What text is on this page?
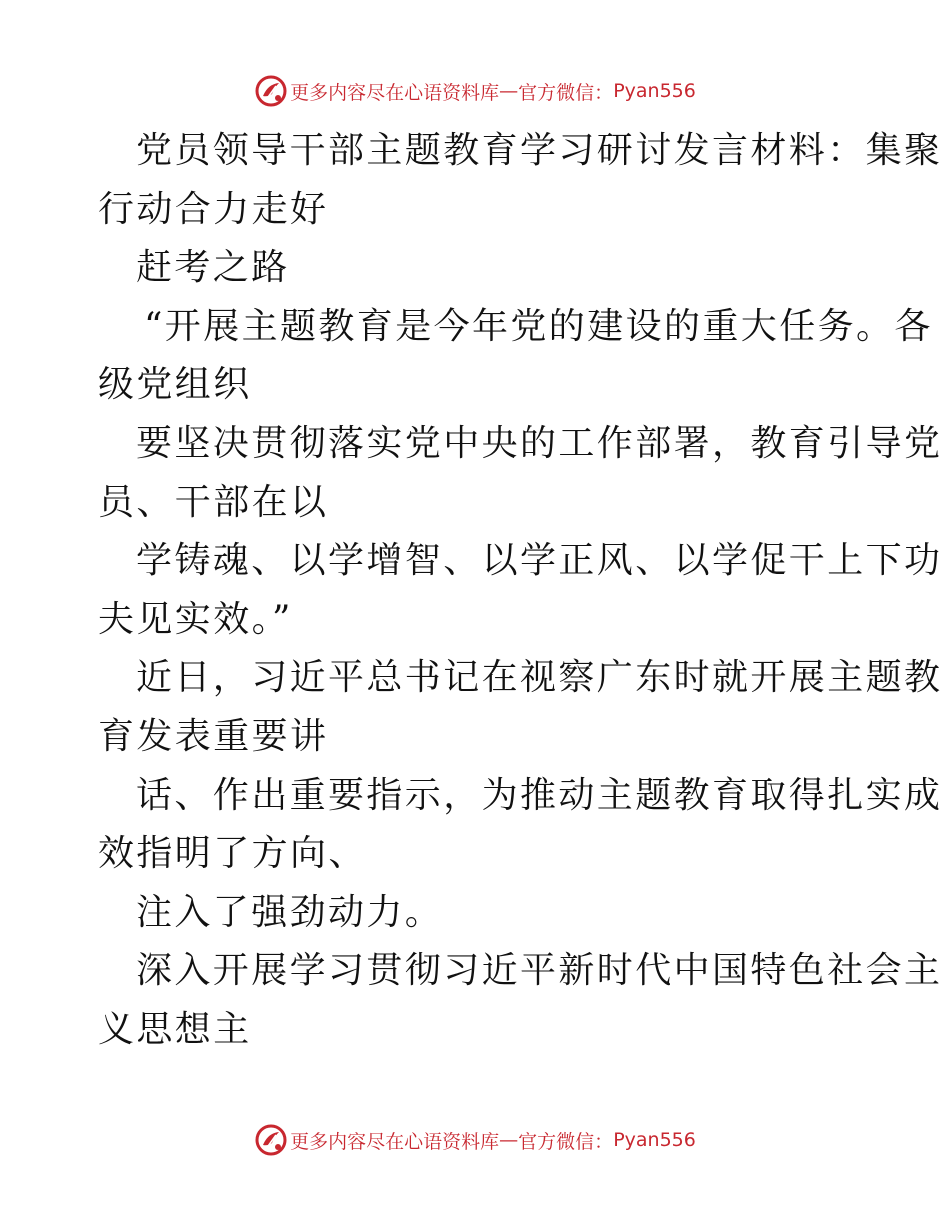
更多内容尽在心语资料库 — 官方微信： Pyan556
党员领导干部主题教育学习研讨发言材料：集聚
行动合力走好
赶考之路
“开展主题教育是今年党的建设的重大任务。各
级党组织
要坚决贯彻落实党中央的工作部署，教育引导党
员、干部在以
学铸魂、以学增智、以学正风、以学促干上下功
夫见实效。”
近日，习近平总书记在视察广东时就开展主题教
育发表重要讲
话、作出重要指示，为推动主题教育取得扎实成
效指明了方向、
注入了强劲动力。
深入开展学习贯彻习近平新时代中国特色社会主
义思想主
更多内容尽在心语资料库 — 官方微信： Pyan556
